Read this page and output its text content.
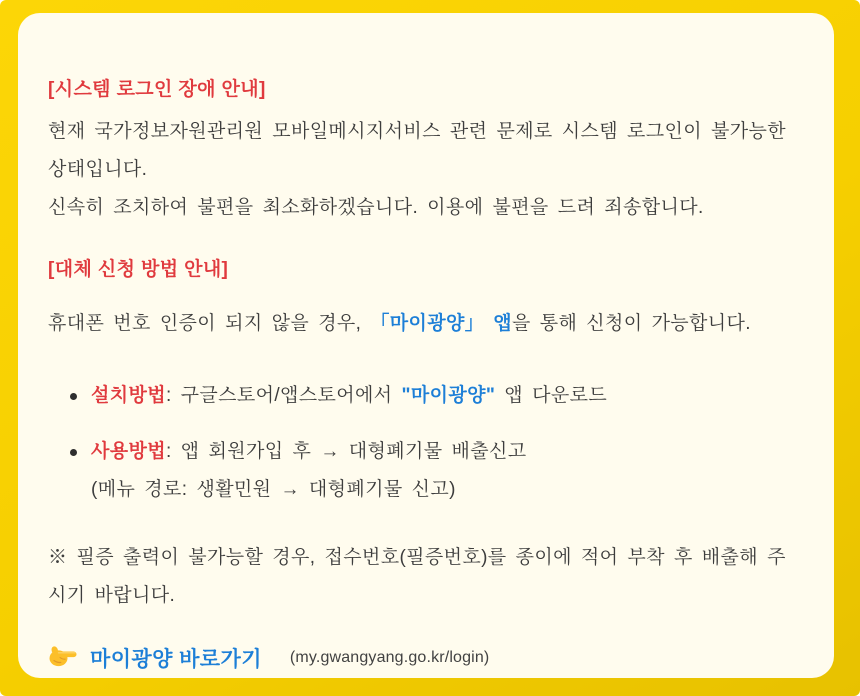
[시스템 로그인 장애 안내]
현재 국가정보자원관리원 모바일메시지서비스 관련 문제로 시스템 로그인이 불가능한 상태입니다.
신속히 조치하여 불편을 최소화하겠습니다. 이용에 불편을 드려 죄송합니다.
[대체 신청 방법 안내]
휴대폰 번호 인증이 되지 않을 경우, 「마이광양」 앱을 통해 신청이 가능합니다.
설치방법: 구글스토어/앱스토어에서 "마이광양" 앱 다운로드
사용방법: 앱 회원가입 후 → 대형폐기물 배출신고
(메뉴 경로: 생활민원 → 대형폐기물 신고)
※ 필증 출력이 불가능할 경우, 접수번호(필증번호)를 종이에 적어 부착 후 배출해 주시기 바랍니다.
마이광양 바로가기 (my.gwangyang.go.kr/login)
